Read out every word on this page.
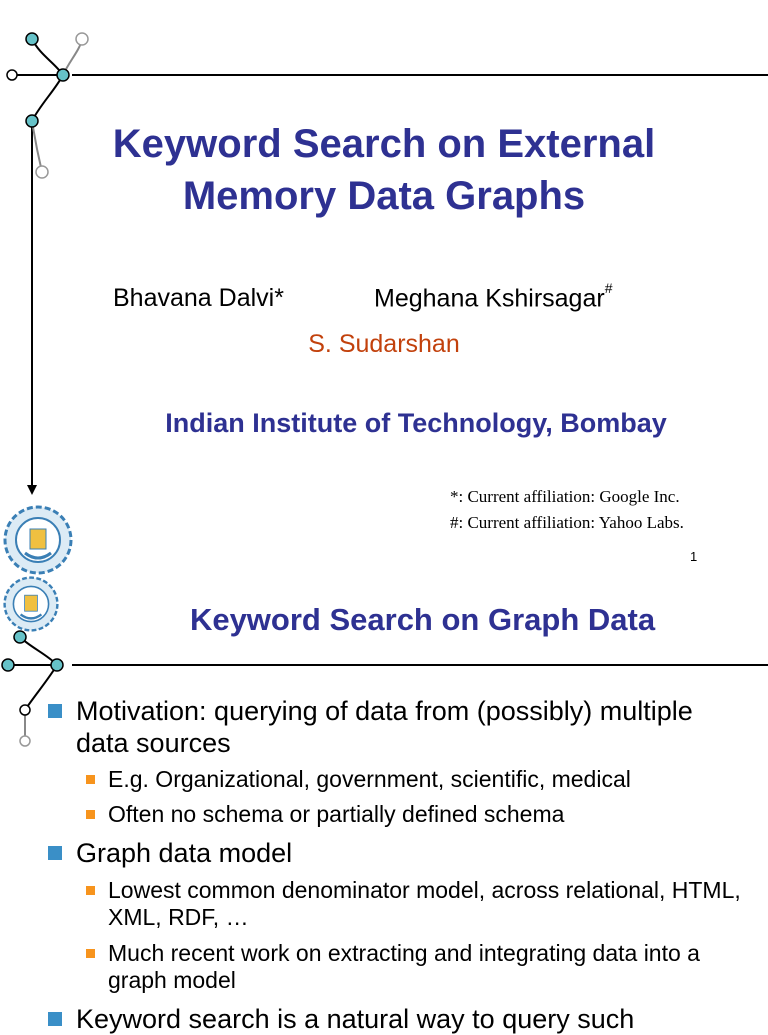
Keyword Search on External
Memory Data Graphs
Bhavana Dalvi*	Meghana Kshirsagar#
S. Sudarshan
Indian Institute of Technology, Bombay
*: Current affiliation: Google Inc.
#: Current affiliation: Yahoo Labs.
1
Keyword Search on Graph Data
Motivation: querying of data from (possibly) multiple data sources
E.g. Organizational, government, scientific, medical
Often no schema or partially defined schema
Graph data model
Lowest common denominator model, across relational, HTML, XML, RDF, …
Much recent work on extracting and integrating data into a graph model
Keyword search is a natural way to query such
